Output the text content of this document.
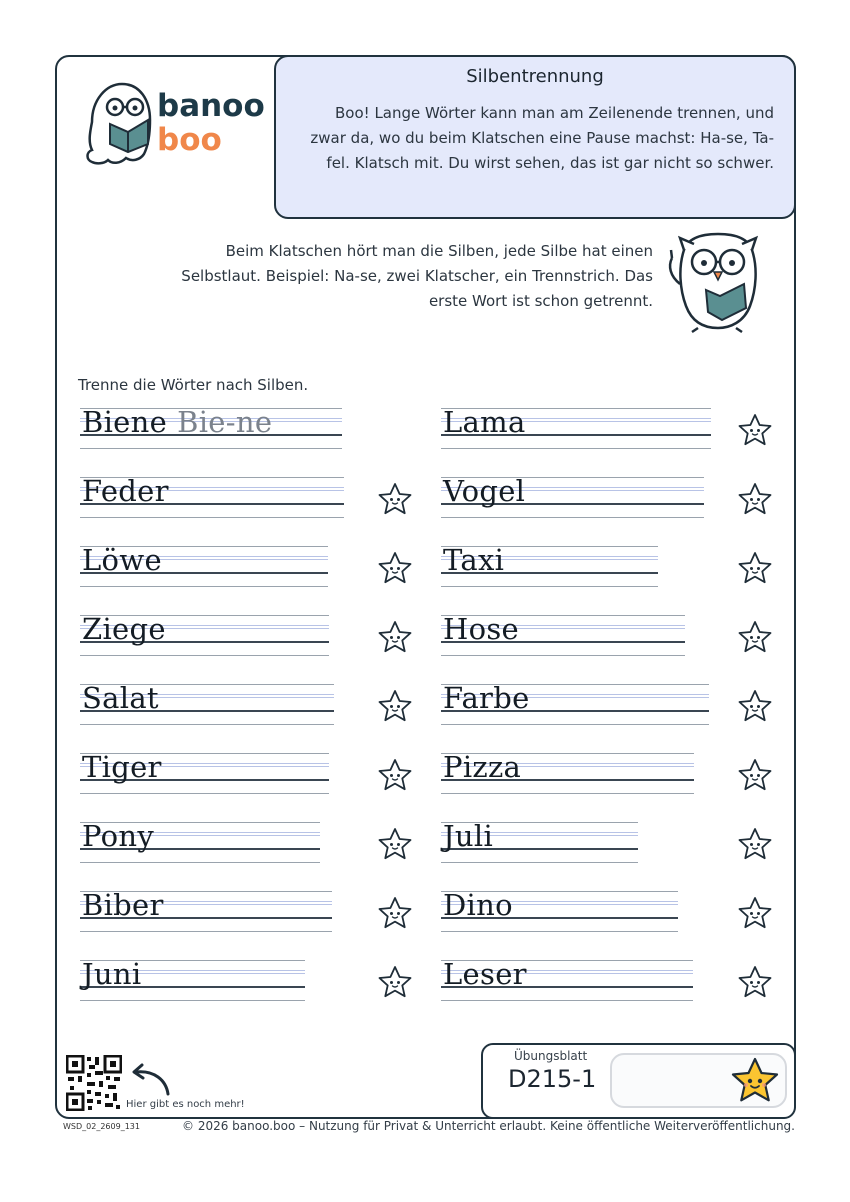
banoo
boo
Silbentrennung

Boo! Lange Wörter kann man am Zeilenende trennen, und zwar da, wo du beim Klatschen eine Pause machst: Ha-se, Ta-fel. Klatsch mit. Du wirst sehen, das ist gar nicht so schwer.

Beim Klatschen hört man die Silben, jede Silbe hat einen Selbstlaut. Beispiel: Na-se, zwei Klatscher, ein Trennstrich. Das erste Wort ist schon getrennt.
Trenne die Wörter nach Silben.
Biene Bie-ne
Feder
Löwe
Ziege
Salat
Tiger
Pony
Biber
Juni
Lama
Vogel
Taxi
Hose
Farbe
Pizza
Juli
Dino
Leser
Hier gibt es noch mehr!
Übungsblatt
D215-1
WSD_02_2609_131	© 2026 banoo.boo – Nutzung für Privat & Unterricht erlaubt. Keine öffentliche Weiterveröffentlichung.
